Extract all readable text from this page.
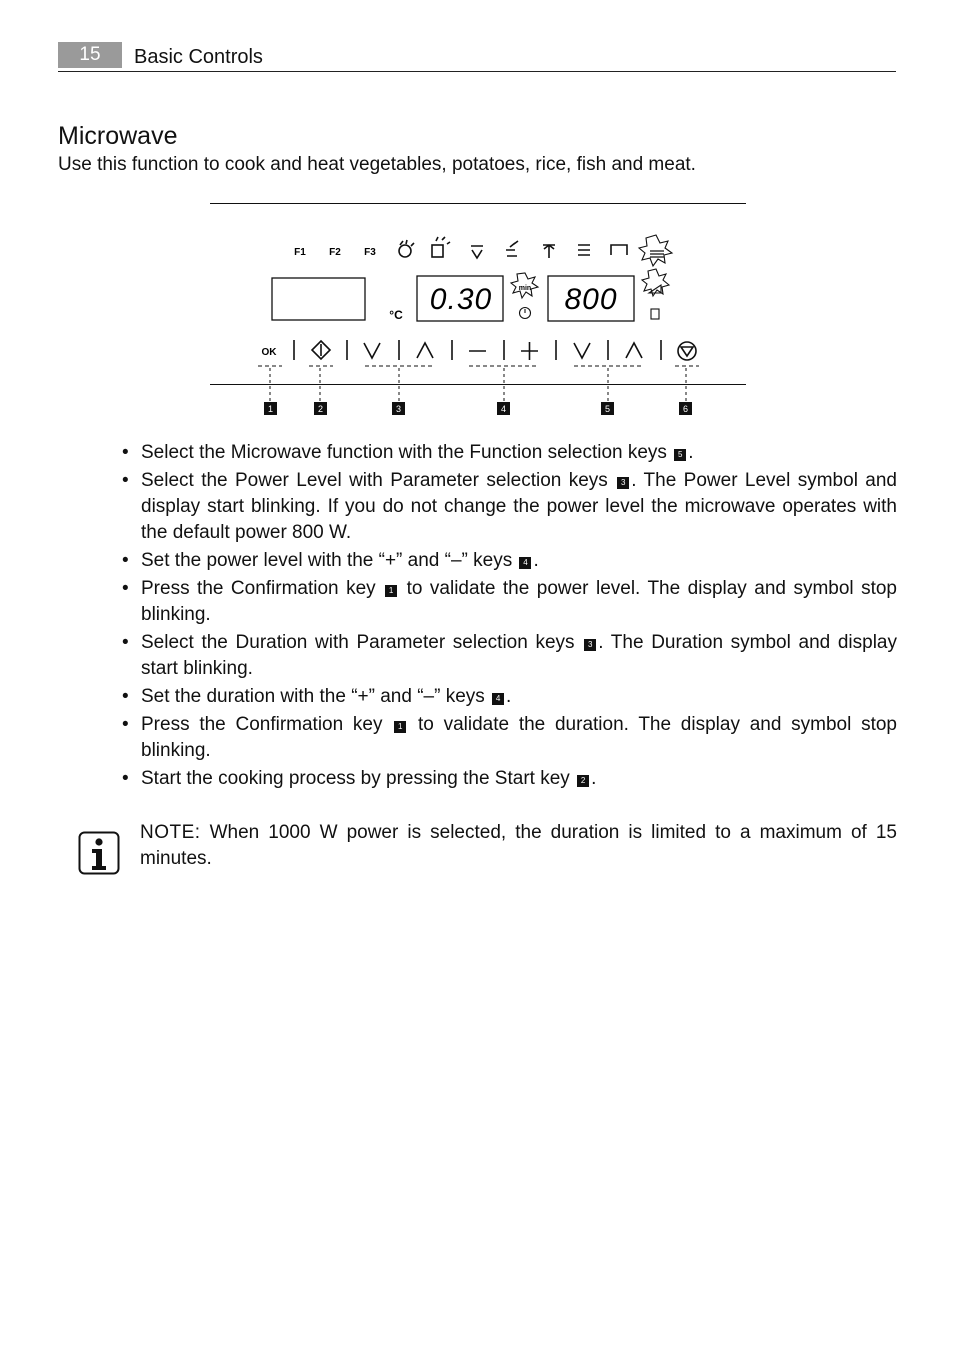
15	Basic Controls
Microwave

Use this function to cook and heat vegetables, potatoes, rice, fish and meat.

F1 F2 F3
°C 0.30	min 800
OK
1	2	3	4	5	6
• Select the Microwave function with the Function selection keys 5 .
• Select the Power Level with Parameter selection keys 3 . The Power Level symbol and display start blinking. If you do not change the power level the microwave operates with the default power 800 W.
• Set the power level with the “+” and “–” keys 4 .
• Press the Confirmation key 1 to validate the power level. The display and symbol stop blinking.
• Select the Duration with Parameter selection keys 3 . The Duration symbol and display start blinking.
• Set the duration with the “+” and “–” keys 4 .
• Press the Confirmation key 1 to validate the duration. The display and symbol stop blinking.
• Start the cooking process by pressing the Start key 2 .

NOTE: When 1000 W power is selected, the duration is limited to a maximum of 15 minutes.
